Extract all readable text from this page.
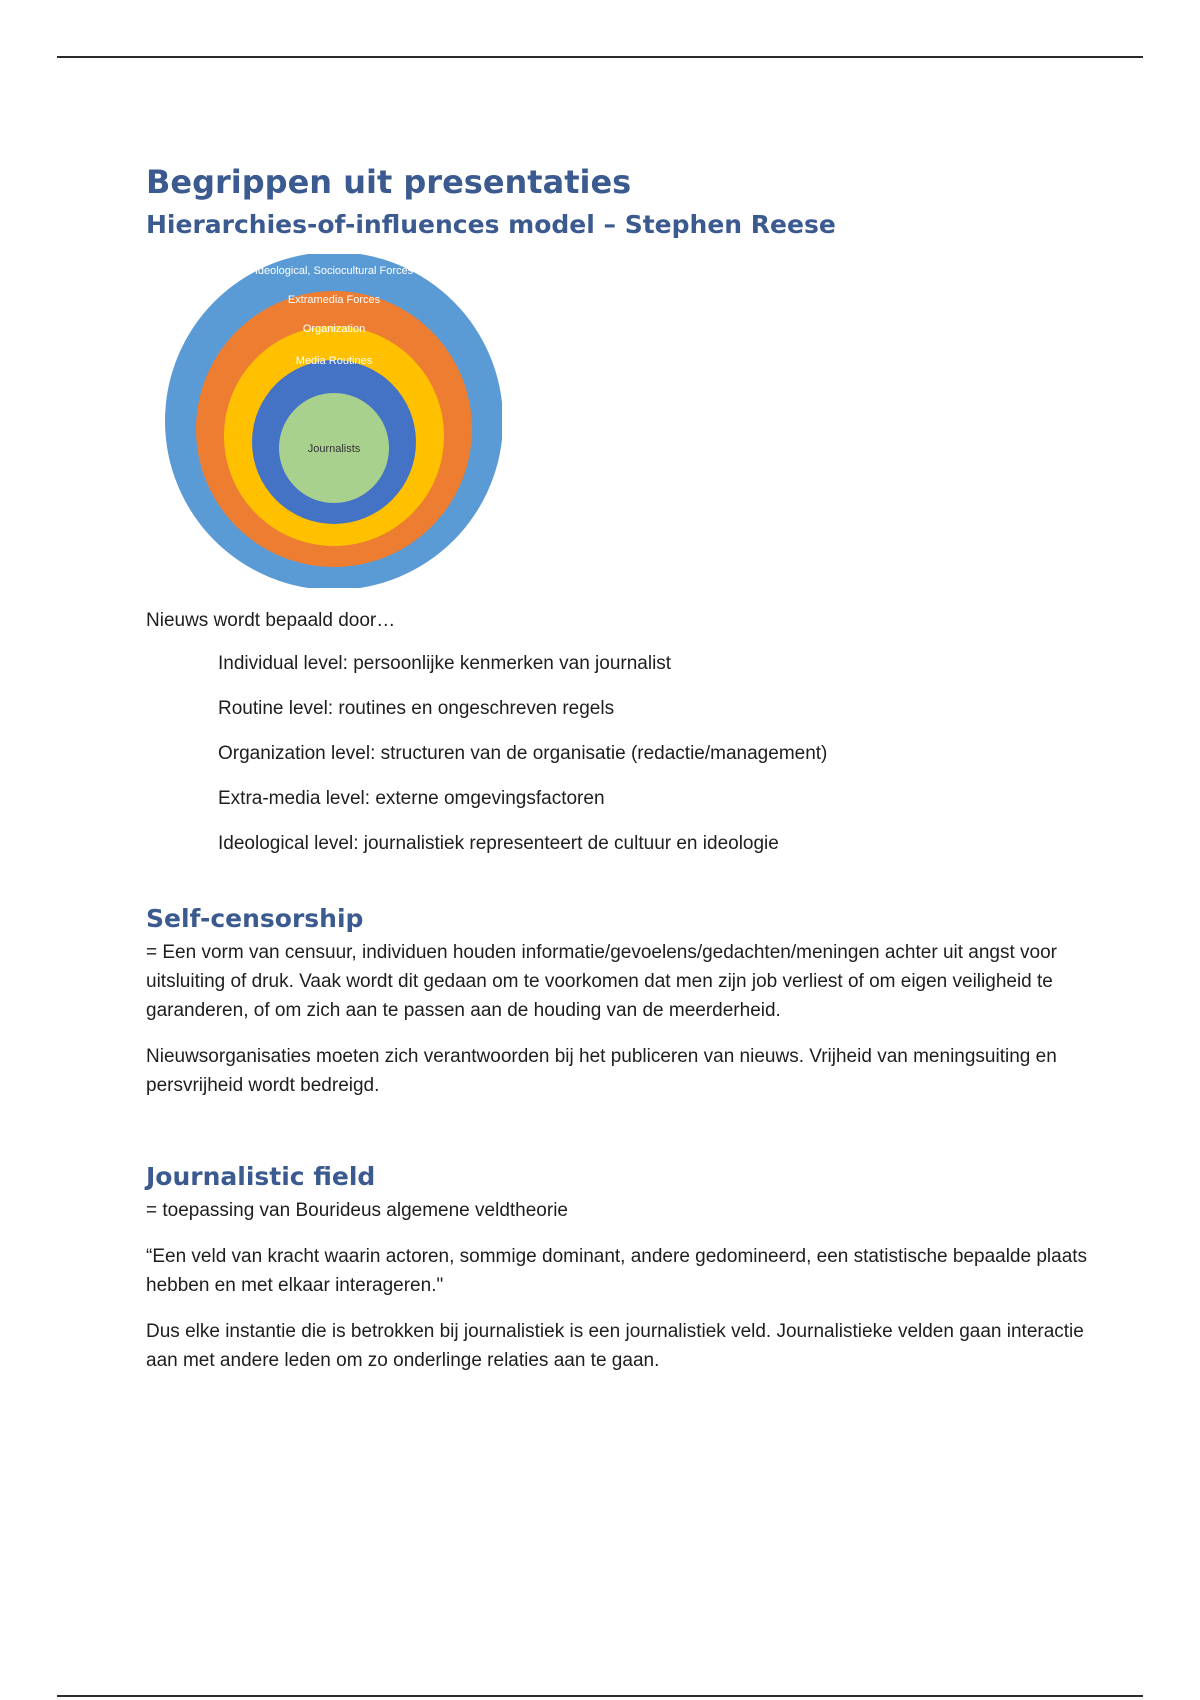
Begrippen uit presentaties
Hierarchies-of-influences model – Stephen Reese
Ideological, Sociocultural Forces
Extramedia Forces
Organization
Media Routines
Journalists

Nieuws wordt bepaald door…

Individual level: persoonlijke kenmerken van journalist
Routine level: routines en ongeschreven regels
Organization level: structuren van de organisatie (redactie/management)
Extra-media level: externe omgevingsfactoren
Ideological level: journalistiek representeert de cultuur en ideologie
Self-censorship

= Een vorm van censuur, individuen houden informatie/gevoelens/gedachten/meningen achter uit angst voor uitsluiting of druk. Vaak wordt dit gedaan om te voorkomen dat men zijn job verliest of om eigen veiligheid te garanderen, of om zich aan te passen aan de houding van de meerderheid.

Nieuwsorganisaties moeten zich verantwoorden bij het publiceren van nieuws. Vrijheid van meningsuiting en persvrijheid wordt bedreigd.

Journalistic field

= toepassing van Bourideus algemene veldtheorie

“Een veld van kracht waarin actoren, sommige dominant, andere gedomineerd, een statistische bepaalde plaats hebben en met elkaar interageren."

Dus elke instantie die is betrokken bij journalistiek is een journalistiek veld. Journalistieke velden gaan interactie aan met andere leden om zo onderlinge relaties aan te gaan.
